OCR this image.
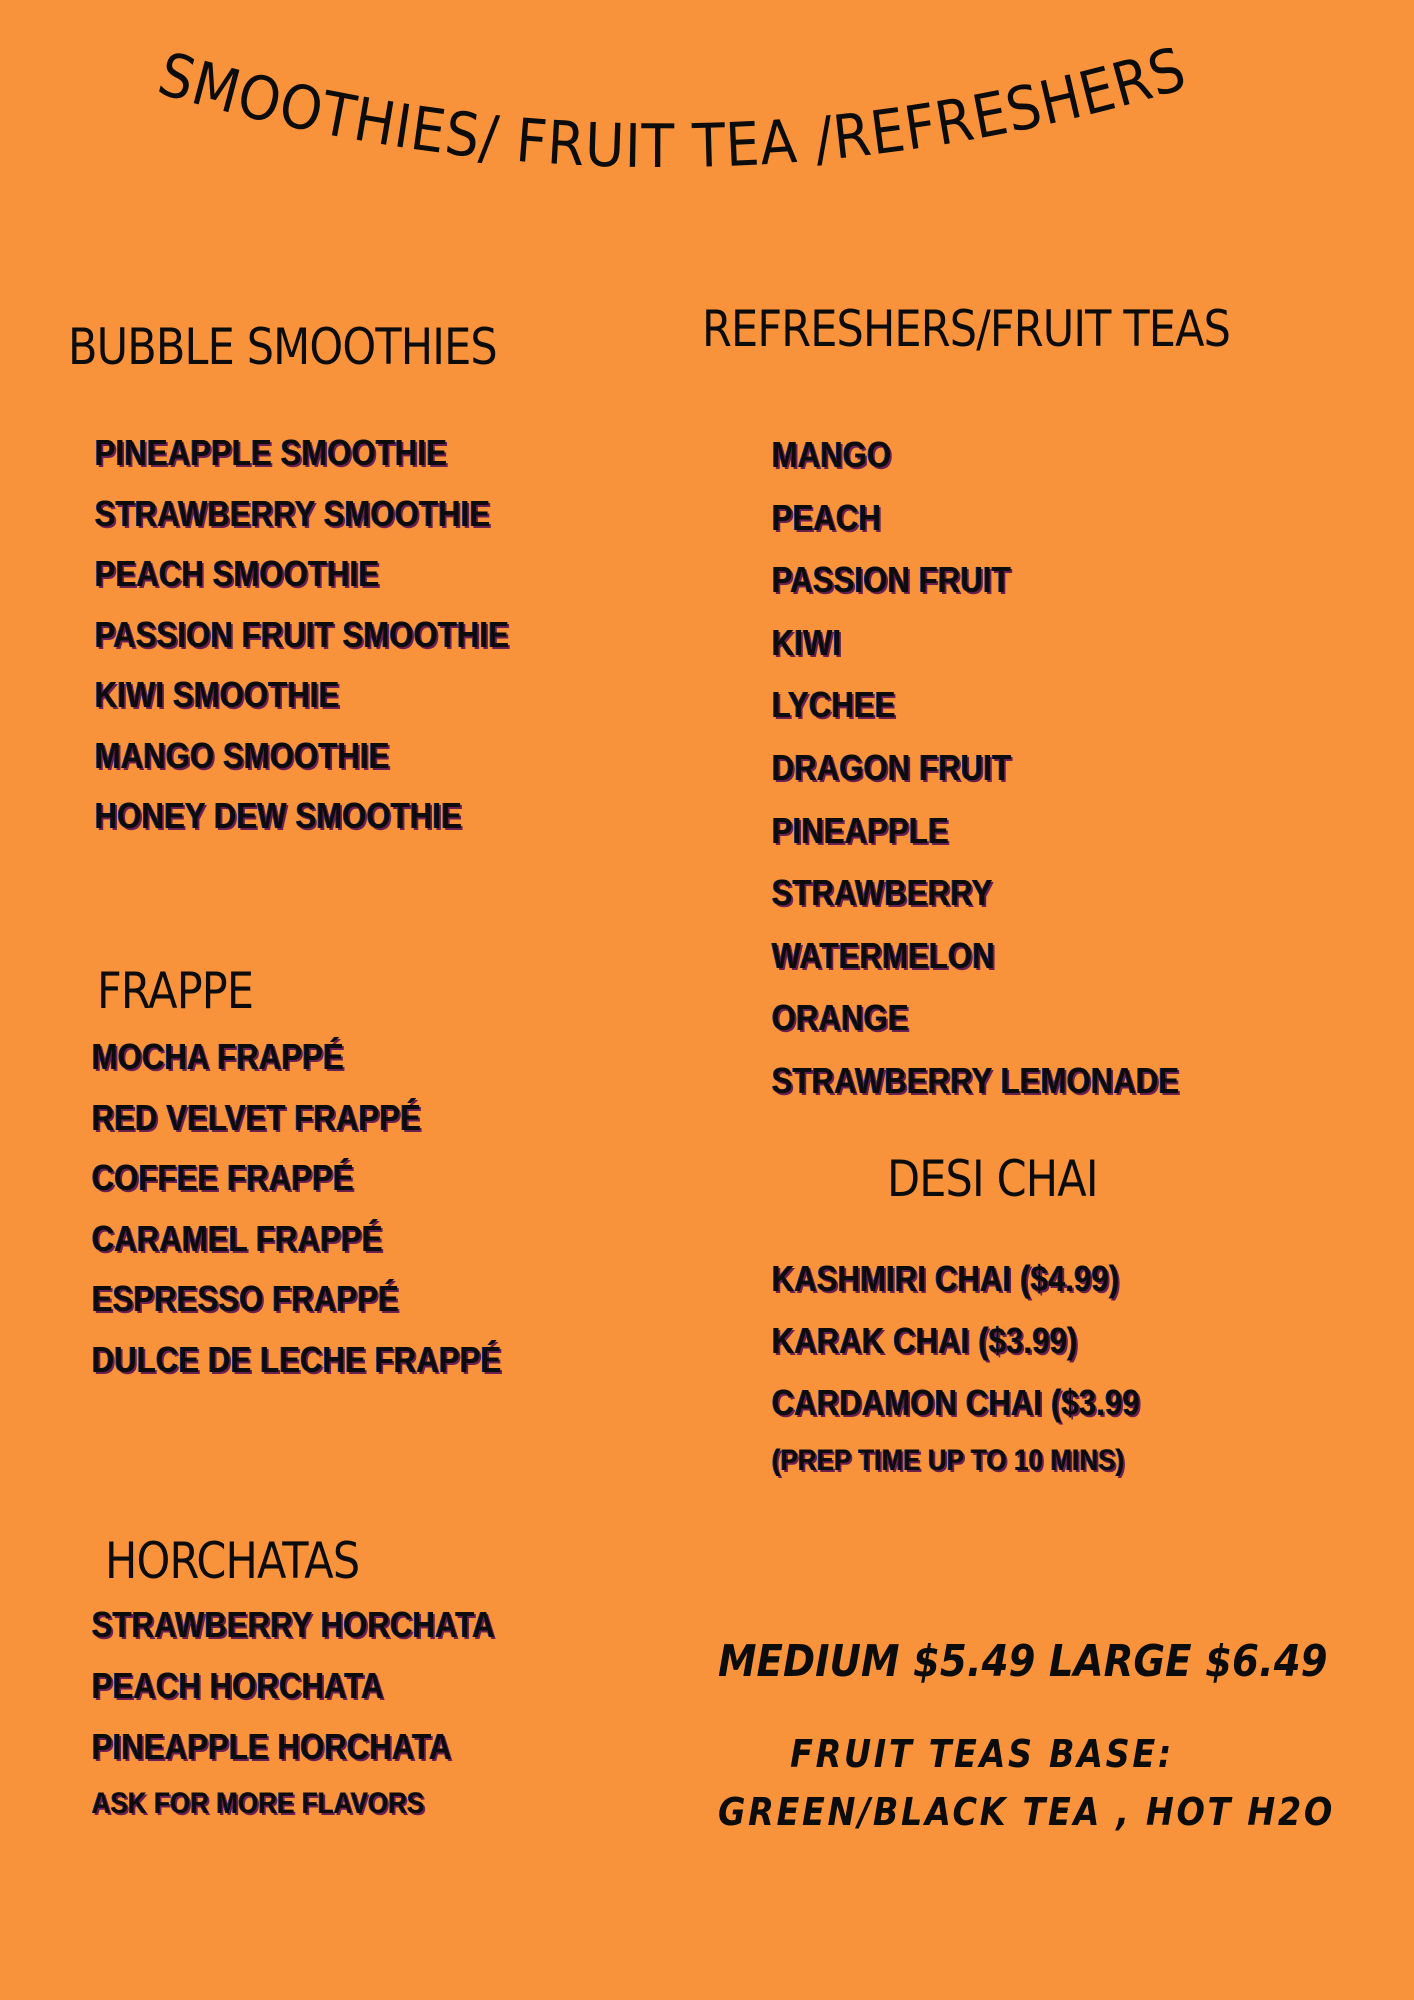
SMOOTHIES/ FRUIT TEA /REFRESHERS
BUBBLE SMOOTHIES
PINEAPPLE SMOOTHIE
STRAWBERRY SMOOTHIE
PEACH SMOOTHIE
PASSION FRUIT SMOOTHIE
KIWI SMOOTHIE
MANGO SMOOTHIE
HONEY DEW SMOOTHIE
FRAPPE
MOCHA FRAPPÉ
RED VELVET FRAPPÉ
COFFEE FRAPPÉ
CARAMEL FRAPPÉ
ESPRESSO FRAPPÉ
DULCE DE LECHE FRAPPÉ
HORCHATAS
STRAWBERRY HORCHATA
PEACH HORCHATA
PINEAPPLE HORCHATA
ASK FOR MORE FLAVORS
REFRESHERS/FRUIT TEAS
MANGO
PEACH
PASSION FRUIT
KIWI
LYCHEE
DRAGON FRUIT
PINEAPPLE
STRAWBERRY
WATERMELON
ORANGE
STRAWBERRY LEMONADE
DESI CHAI
KASHMIRI CHAI ($4.99)
KARAK CHAI ($3.99)
CARDAMON CHAI ($3.99
(PREP TIME UP TO 10 MINS)
MEDIUM $5.49 LARGE $6.49
FRUIT TEAS BASE:
GREEN/BLACK TEA , HOT H2O
